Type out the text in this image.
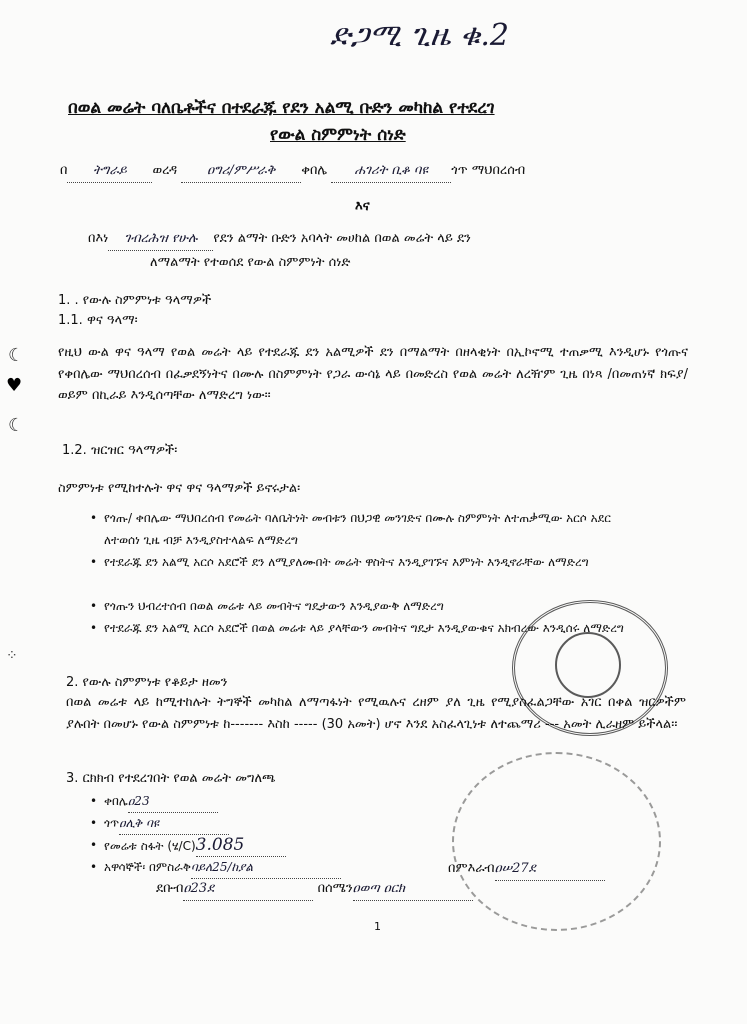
☾
♥
☾
⁘
ድጋሚ ጊዜ ቁ.2
በወል መሬት ባለቤቶችና በተደራጁ የደን አልሚ ቡድን መካከል የተደረገ
የውል ስምምነት ሰነድ
በ ትግራይ ወረዳ ዐግሪ/ምሥራቅ ቀበሌ ሐገሪት ቢቆ ባዩ ጎጥ ማህበረሰብ
እና
በእነ ገብረሕዝ የሁሉ የደን ልማት ቡድን አባላት መሀከል በወል መሬት ላይ ደን
ለማልማት የተወሰደ የውል ስምምነት ሰነድ
1. . የውሉ ስምምነቱ ዓላማዎች
1.1. ዋና ዓላማ፡
የዚህ ውል ዋና ዓላማ የወል መሬት ላይ የተደራጁ ደን አልሚዎች ደን በማልማት በዘላቂነት በኢኮኖሚ ተጠቃሚ እንዲሆኑ የጎጡና የቀበሌው ማህበረሰብ በፈቃደኝነትና በሙሉ በስምምነት የጋራ ውሳኔ ላይ በመድረስ የወል መሬት ለረዥም ጊዜ በነጻ /በመጠነኛ ክፍያ/ ወይም በኪራይ እንዲሰጣቸው ለማድረግ ነው፡፡
1.2. ዝርዝር ዓላማዎች፡
ስምምነቱ የሚከተሉት ዋና ዋና ዓላማዎች ይኖሩታል፡
• የጎጡ/ ቀበሌው ማህበረሰብ የመሬት ባለቤትነት መብቱን በህጋዊ መንገድና በሙሉ ስምምነት ለተጠቃሚው አርሶ አደር ለተወሰነ ጊዜ ብቻ እንዲያስተላልፍ ለማድረግ
• የተደራጁ ደን አልሚ አርሶ አደሮች ደን ለሚያለሙበት መሬት ዋስትና እንዲያገኙና እምነት እንዲኖራቸው ለማድረግ
• የጎጡን ህብረተሰብ በወል መሬቱ ላይ መብትና ግዴታውን እንዲያውቅ ለማድረግ
• የተደራጁ ደን አልሚ አርሶ አደሮች በወል መሬቱ ላይ ያላቸውን መብትና ግዴታ እንዲያውቁና አክብረው እንዲሰሩ ለማድረግ
2. የውሉ ስምምነቱ የቆይታ ዘመን
በወል መሬቱ ላይ ከሚተከሉት ትግኞች መካከል ለማጣፋነት የሚዉሉና ረዘም ያለ ጊዜ የሚያስፈልጋቸው አገር በቀል ዝርዎችም ያሉበት በመሆኑ የውል ስምምነቱ ከ------- እስከ ----- (30 አመት) ሆኖ እንደ አስፈላጊነቱ ለተጨማሪ --- አመት ሊራዘም ይችላል፡፡
3. ርክክብ የተደረገበት የወል መሬት መግለጫ
• ቀበሌዐ23
• ጎጥዐሊቅ ባዩ
• የመሬቱ ስፋት (ሄ/C)3.085
• አዋሳኞች፡ በምስራቅባይለ25/ከያል	በምእራብዐሠ27ደ
ደቡብዐ23ደ	በሰሜንዐወጣ ዐርክ
1
